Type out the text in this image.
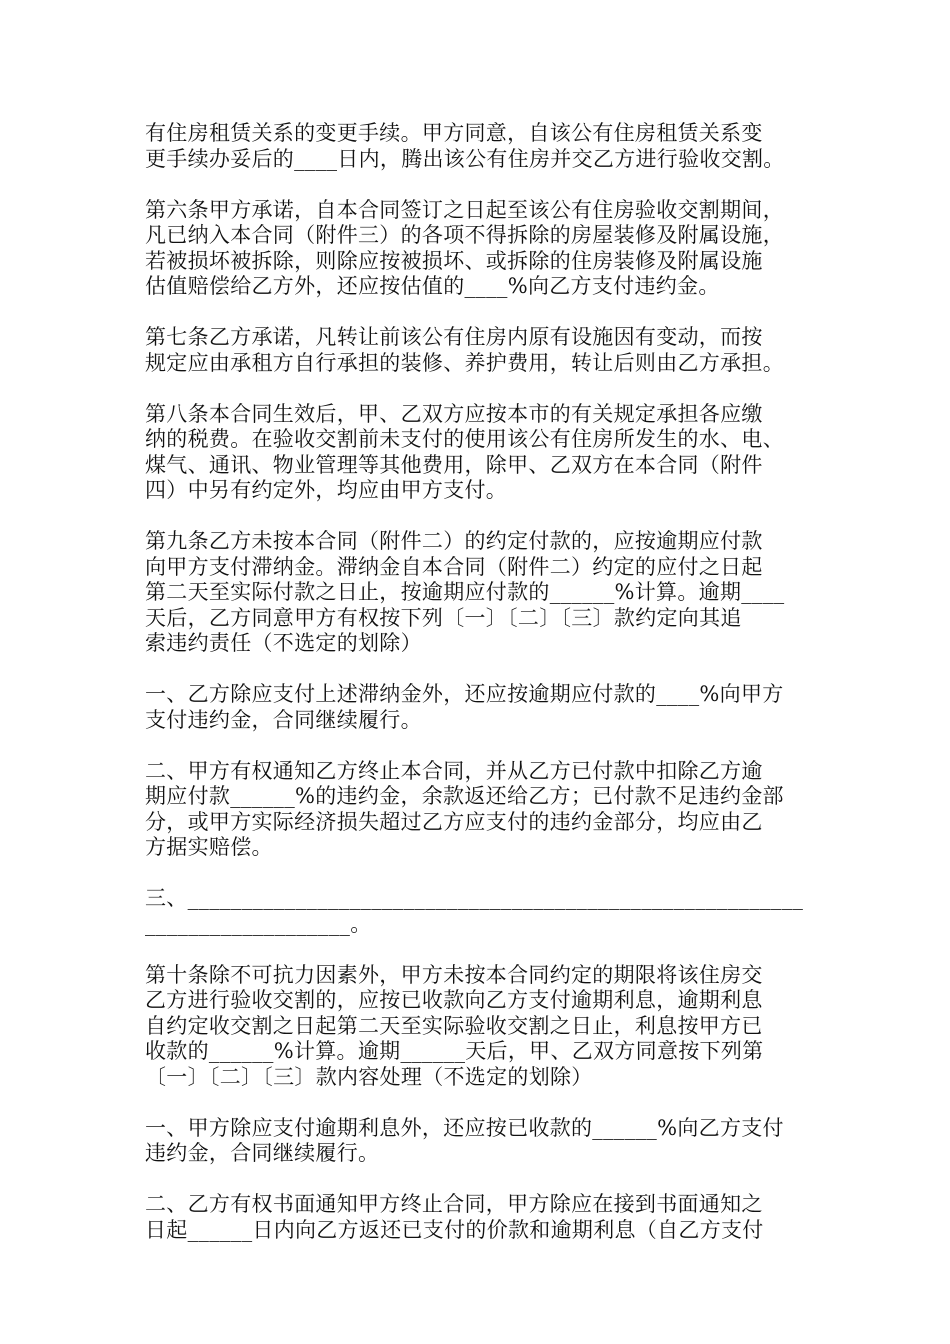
有住房租赁关系的变更手续。甲方同意，自该公有住房租赁关系变
更手续办妥后的____日内，腾出该公有住房并交乙方进行验收交割。
第六条甲方承诺，自本合同签订之日起至该公有住房验收交割期间，
凡已纳入本合同（附件三）的各项不得拆除的房屋装修及附属设施，
若被损坏被拆除，则除应按被损坏、或拆除的住房装修及附属设施
估值赔偿给乙方外，还应按估值的____%向乙方支付违约金。
第七条乙方承诺，凡转让前该公有住房内原有设施因有变动，而按
规定应由承租方自行承担的装修、养护费用，转让后则由乙方承担。
第八条本合同生效后，甲、乙双方应按本市的有关规定承担各应缴
纳的税费。在验收交割前未支付的使用该公有住房所发生的水、电、
煤气、通讯、物业管理等其他费用，除甲、乙双方在本合同（附件
四）中另有约定外，均应由甲方支付。
第九条乙方未按本合同（附件二）的约定付款的，应按逾期应付款
向甲方支付滞纳金。滞纳金自本合同（附件二）约定的应付之日起
第二天至实际付款之日止，按逾期应付款的______%计算。逾期____
天后，乙方同意甲方有权按下列〔一〕〔二〕〔三〕款约定向其追
索违约责任（不选定的划除）
一、乙方除应支付上述滞纳金外，还应按逾期应付款的____%向甲方
支付违约金，合同继续履行。
二、甲方有权通知乙方终止本合同，并从乙方已付款中扣除乙方逾
期应付款______%的违约金，余款返还给乙方；已付款不足违约金部
分，或甲方实际经济损失超过乙方应支付的违约金部分，均应由乙
方据实赔偿。
三、_________________________________________________________
___________________。
第十条除不可抗力因素外，甲方未按本合同约定的期限将该住房交
乙方进行验收交割的，应按已收款向乙方支付逾期利息，逾期利息
自约定收交割之日起第二天至实际验收交割之日止，利息按甲方已
收款的______%计算。逾期______天后，甲、乙双方同意按下列第
〔一〕〔二〕〔三〕款内容处理（不选定的划除）
一、甲方除应支付逾期利息外，还应按已收款的______%向乙方支付
违约金，合同继续履行。
二、乙方有权书面通知甲方终止合同，甲方除应在接到书面通知之
日起______日内向乙方返还已支付的价款和逾期利息（自乙方支付
